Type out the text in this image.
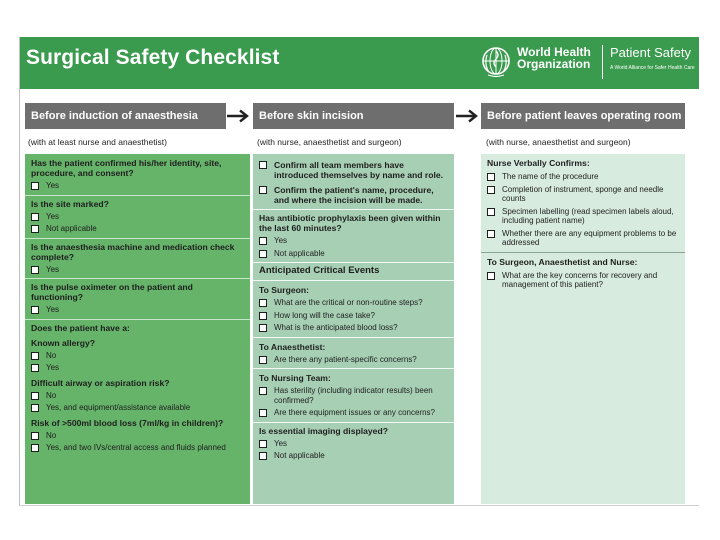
Surgical Safety Checklist	World Health
Organization
Patient Safety
A World Alliance for Safer Health Care
Before induction of anaesthesia	Before skin incision	Before patient leaves operating room
(with at least nurse and anaesthetist)	(with nurse, anaesthetist and surgeon)	(with nurse, anaesthetist and surgeon)
Has the patient confirmed his/her identity, site, procedure, and consent?
Yes
Is the site marked?
Yes
Not applicable
Is the anaesthesia machine and medication check complete?
Yes
Is the pulse oximeter on the patient and functioning?
Yes
Does the patient have a:
Known allergy?
No
Yes
Difficult airway or aspiration risk?
No
Yes, and equipment/assistance available
Risk of >500ml blood loss (7ml/kg in children)?
No
Yes, and two IVs/central access and fluids planned
Confirm all team members have introduced themselves by name and role.
Confirm the patient's name, procedure, and where the incision will be made.
Has antibiotic prophylaxis been given within the last 60 minutes?
Yes
Not applicable
Anticipated Critical Events
To Surgeon:
What are the critical or non-routine steps?
How long will the case take?
What is the anticipated blood loss?
To Anaesthetist:
Are there any patient-specific concerns?
To Nursing Team:
Has sterility (including indicator results) been confirmed?
Are there equipment issues or any concerns?
Is essential imaging displayed?
Yes
Not applicable
Nurse Verbally Confirms:
The name of the procedure
Completion of instrument, sponge and needle counts
Specimen labelling (read specimen labels aloud, including patient name)
Whether there are any equipment problems to be addressed
To Surgeon, Anaesthetist and Nurse:
What are the key concerns for recovery and management of this patient?
